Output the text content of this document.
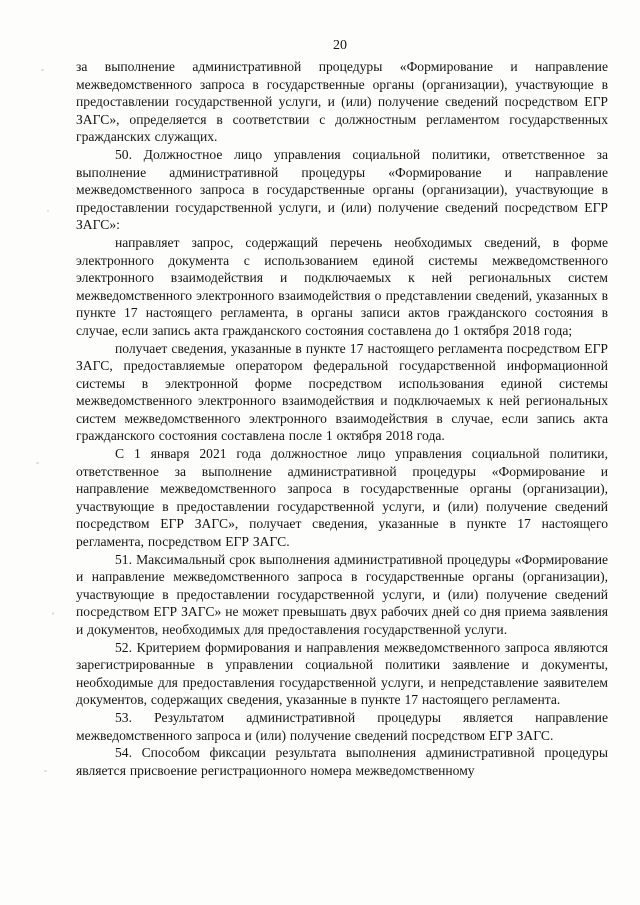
20

за выполнение административной процедуры «Формирование и направление межведомственного запроса в государственные органы (организации), участвующие в предоставлении государственной услуги, и (или) получение сведений посредством ЕГР ЗАГС», определяется в соответствии с должностным регламентом государственных гражданских служащих.

50. Должностное лицо управления социальной политики, ответственное за выполнение административной процедуры «Формирование и направление межведомственного запроса в государственные органы (организации), участвующие в предоставлении государственной услуги, и (или) получение сведений посредством ЕГР ЗАГС»:

направляет запрос, содержащий перечень необходимых сведений, в форме электронного документа с использованием единой системы межведомственного электронного взаимодействия и подключаемых к ней региональных систем межведомственного электронного взаимодействия о представлении сведений, указанных в пункте 17 настоящего регламента, в органы записи актов гражданского состояния в случае, если запись акта гражданского состояния составлена до 1 октября 2018 года;

получает сведения, указанные в пункте 17 настоящего регламента посредством ЕГР ЗАГС, предоставляемые оператором федеральной государственной информационной системы в электронной форме посредством использования единой системы межведомственного электронного взаимодействия и подключаемых к ней региональных систем межведомственного электронного взаимодействия в случае, если запись акта гражданского состояния составлена после 1 октября 2018 года.

С 1 января 2021 года должностное лицо управления социальной политики, ответственное за выполнение административной процедуры «Формирование и направление межведомственного запроса в государственные органы (организации), участвующие в предоставлении государственной услуги, и (или) получение сведений посредством ЕГР ЗАГС», получает сведения, указанные в пункте 17 настоящего регламента, посредством ЕГР ЗАГС.

51. Максимальный срок выполнения административной процедуры «Формирование и направление межведомственного запроса в государственные органы (организации), участвующие в предоставлении государственной услуги, и (или) получение сведений посредством ЕГР ЗАГС» не может превышать двух рабочих дней со дня приема заявления и документов, необходимых для предоставления государственной услуги.

52. Критерием формирования и направления межведомственного запроса являются зарегистрированные в управлении социальной политики заявление и документы, необходимые для предоставления государственной услуги, и непредставление заявителем документов, содержащих сведения, указанные в пункте 17 настоящего регламента.

53. Результатом административной процедуры является направление межведомственного запроса и (или) получение сведений посредством ЕГР ЗАГС.

54. Способом фиксации результата выполнения административной процедуры является присвоение регистрационного номера межведомственному
